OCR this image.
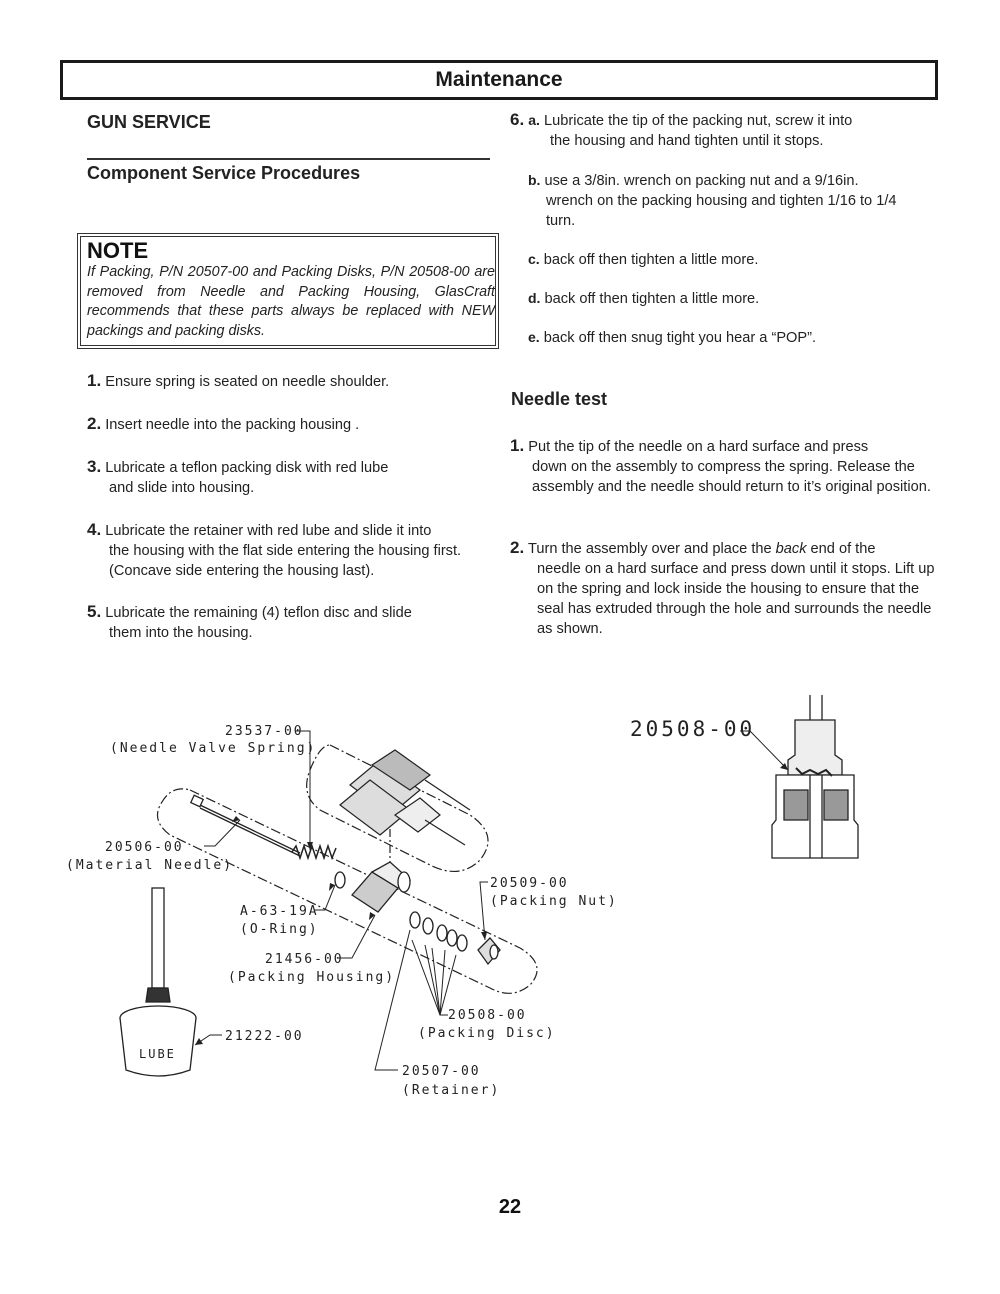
Maintenance
GUN SERVICE
Component Service Procedures
NOTE
If Packing, P/N 20507-00 and Packing Disks, P/N 20508-00 are removed from Needle and Packing Housing, GlasCraft recommends that these parts always be replaced with NEW packings and packing disks.
1. Ensure spring is seated on needle shoulder.
2. Insert needle into the packing housing .
3. Lubricate a teflon packing disk with red lube
and slide into housing.
4. Lubricate the retainer with red lube and slide it into
the housing with the flat side entering the housing first. (Concave side entering the housing last).
5. Lubricate the remaining (4) teflon disc and slide
them into the housing.
6. a. Lubricate the tip of the packing nut, screw it into
the housing and hand tighten until it stops.
b. use a 3/8in. wrench on packing nut and a 9/16in.
wrench on the packing housing and tighten 1/16 to 1/4 turn.
c. back off then tighten a little more.
d. back off then tighten a little more.
e. back off then snug tight you hear a “POP”.
Needle test
1. Put the tip of the needle on a hard surface and press
down on the assembly to compress the spring. Release the assembly and the needle should return to it’s original position.
2. Turn the assembly over and place the back end of the
needle on a hard surface and press down until it stops. Lift up on the spring and lock inside the housing to ensure that the seal has extruded through the hole and surrounds the needle as shown.
23537-00
(Needle Valve Spring)
20506-00
(Material Needle)
A-63-19A
(O-Ring)
21456-00
(Packing Housing)
20509-00
(Packing Nut)
20508-00
(Packing Disc)
20507-00
(Retainer)
21222-00
LUBE
20508-00
22
